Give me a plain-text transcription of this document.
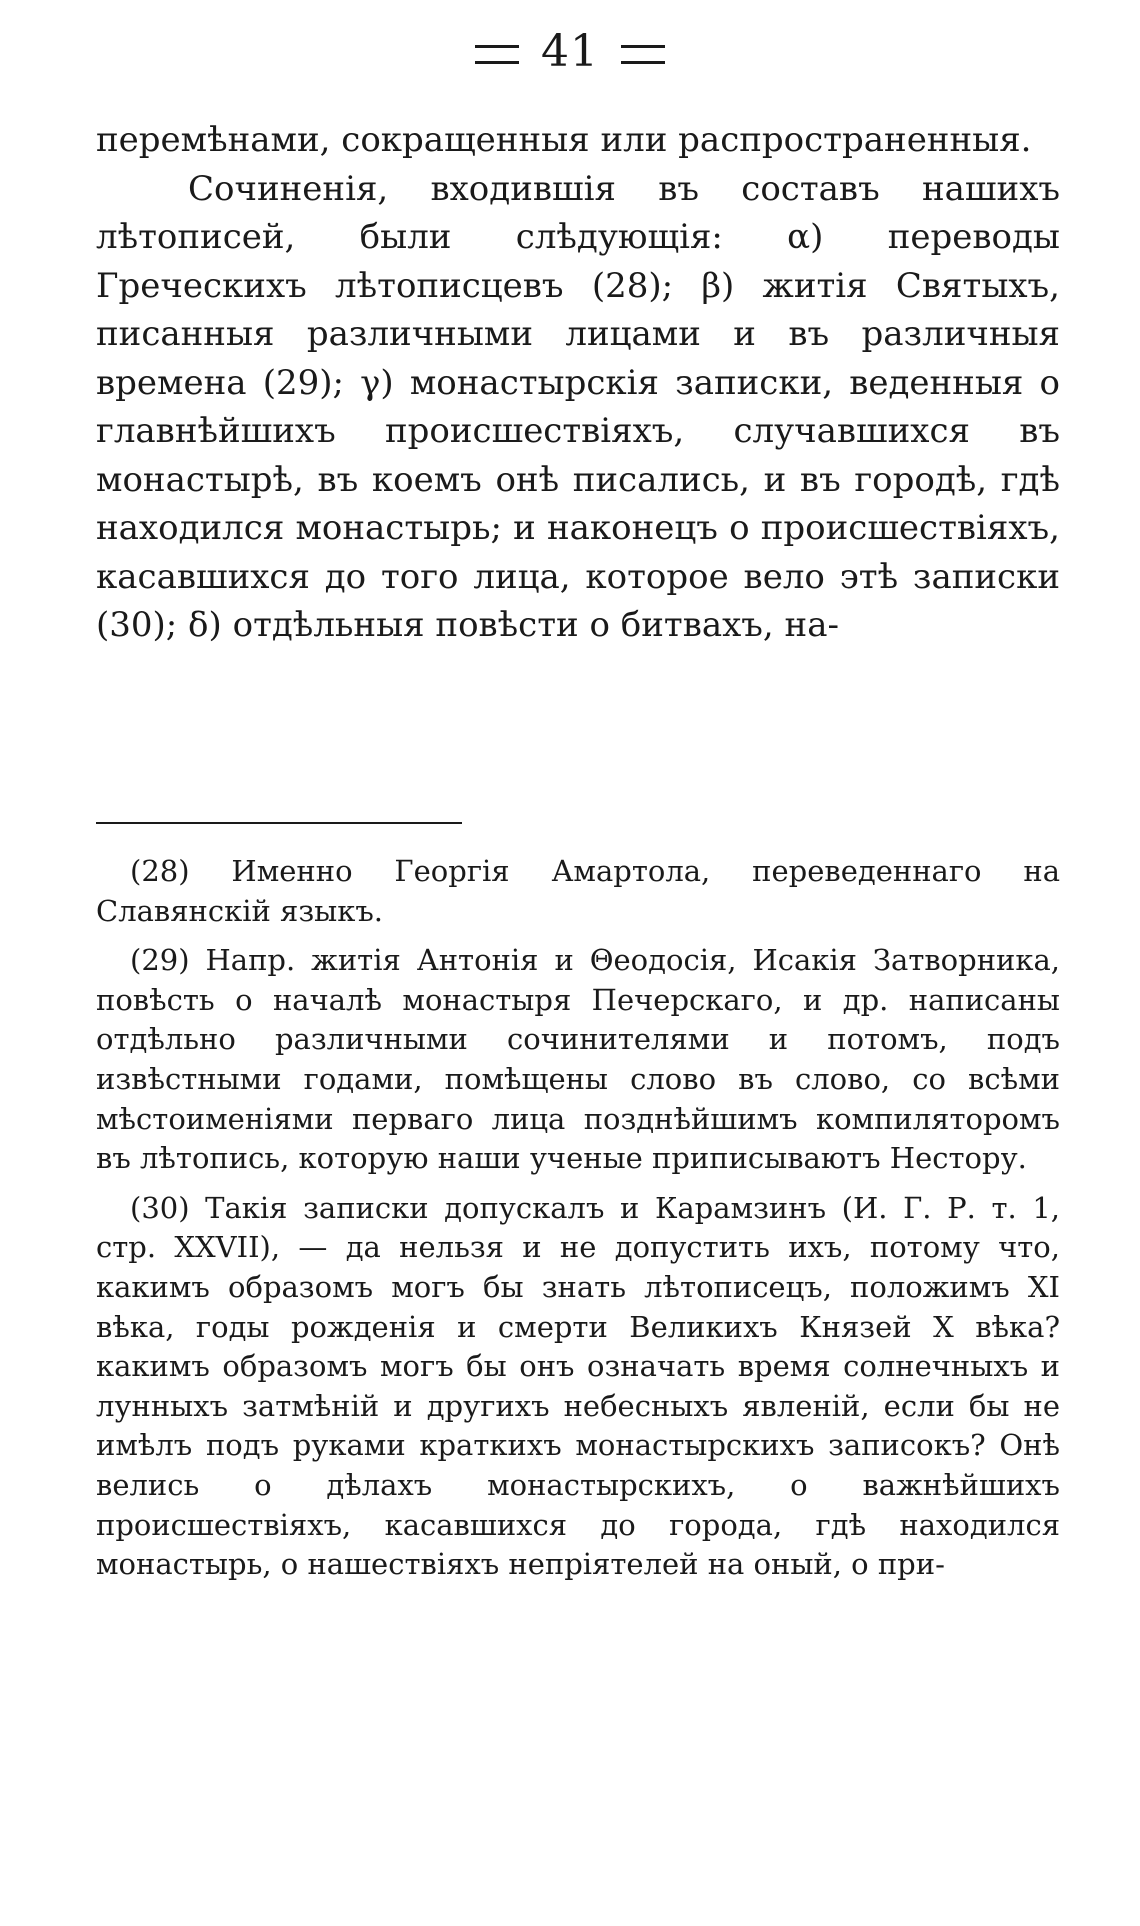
41

перемѣнами, сокращенныя или распространенныя.

Сочиненія, входившія въ составъ нашихъ лѣтописей, были слѣдующія: α) переводы Греческихъ лѣтописцевъ (28); β) житія Святыхъ, писанныя различными лицами и въ различныя времена (29); γ) монастырскія записки, веденныя о главнѣйшихъ происшествіяхъ, случавшихся въ монастырѣ, въ коемъ онѣ писались, и въ городѣ, гдѣ находился монастырь; и наконецъ о происшествіяхъ, касавшихся до того лица, которое вело этѣ записки (30); δ) отдѣльныя повѣсти о битвахъ, на-

(28) Именно Георгія Амартола, переведеннаго на Славянскій языкъ.

(29) Напр. житія Антонія и Θеодосія, Исакія Затворника, повѣсть о началѣ монастыря Печерскаго, и др. написаны отдѣльно различными сочинителями и потомъ, подъ извѣстными годами, помѣщены слово въ слово, со всѣми мѣстоименіями перваго лица позднѣйшимъ компиляторомъ въ лѣтопись, которую наши ученые приписываютъ Нестору.

(30) Такія записки допускалъ и Карамзинъ (И. Г. Р. т. 1, стр. XXVII), — да нельзя и не допустить ихъ, потому что, какимъ образомъ могъ бы знать лѣтописецъ, положимъ XI вѣка, годы рожденія и смерти Великихъ Князей X вѣка? какимъ образомъ могъ бы онъ означать время солнечныхъ и лунныхъ затмѣній и другихъ небесныхъ явленій, если бы не имѣлъ подъ руками краткихъ монастырскихъ записокъ? Онѣ велись о дѣлахъ монастырскихъ, о важнѣйшихъ происшествіяхъ, касавшихся до города, гдѣ находился монастырь, о нашествіяхъ непріятелей на оный, о при-
